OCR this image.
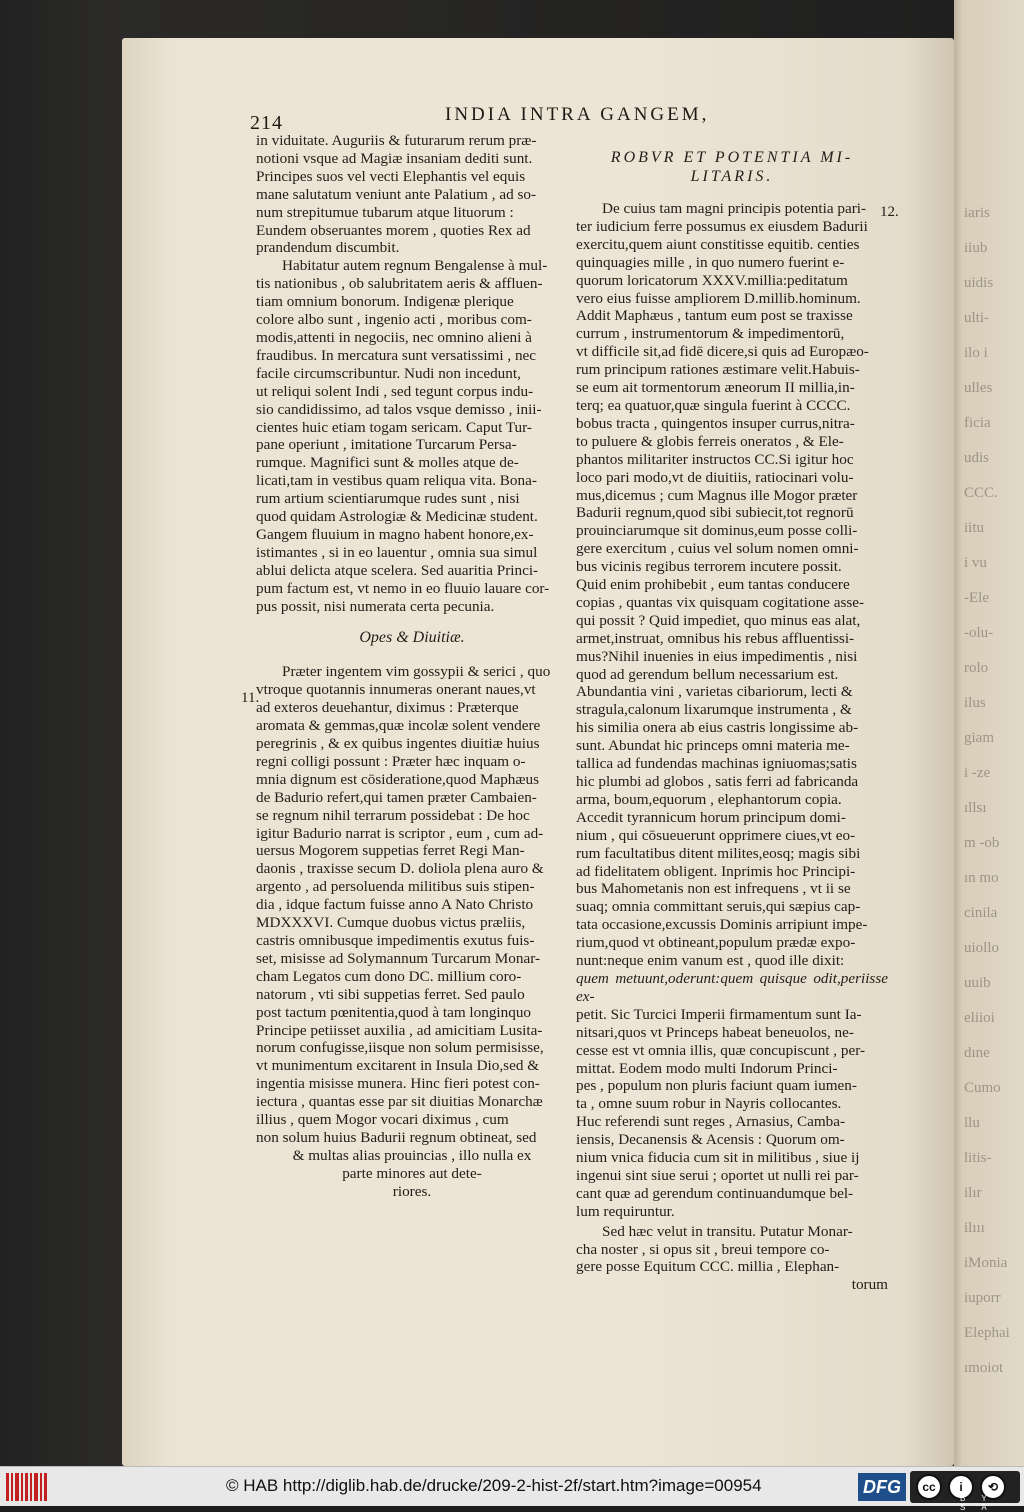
iaris
iiub
uidis
ulti-
ilo i
ulles
ficia
udis
CCC.
iitu
i vu
-Ele
-olu-
rolo
ilus
giam
i -ze
ıllsı
m -ob
ın mo
cinila
uiollo
uuib
eliioi
dıne
Cumo
llu
litis-
ilır
ilııı
iMonia
iuporr
Elephai
ımoiot
214	INDIA INTRA GANGEM,

in viduitate. Auguriis & futurarum rerum præ-
notioni vsque ad Magiæ insaniam dediti sunt.
Principes suos vel vecti Elephantis vel equis
mane salutatum veniunt ante Palatium , ad so-
num strepitumue tubarum atque lituorum :
Eundem obseruantes morem , quoties Rex ad
prandendum discumbit.

Habitatur autem regnum Bengalense à mul-
tis nationibus , ob salubritatem aeris & affluen-
tiam omnium bonorum. Indigenæ plerique
colore albo sunt , ingenio acti , moribus com-
modis,attenti in negociis, nec omnino alieni à
fraudibus. In mercatura sunt versatissimi , nec
facile circumscribuntur. Nudi non incedunt,
ut reliqui solent Indi , sed tegunt corpus indu-
sio candidissimo, ad talos vsque demisso , inii-
cientes huic etiam togam sericam. Caput Tur-
pane operiunt , imitatione Turcarum Persa-
rumque. Magnifici sunt & molles atque de-
licati,tam in vestibus quam reliqua vita. Bona-
rum artium scientiarumque rudes sunt , nisi
quod quidam Astrologiæ & Medicinæ student.
Gangem fluuium in magno habent honore,ex-
istimantes , si in eo lauentur , omnia sua simul
ablui delicta atque scelera. Sed auaritia Princi-
pum factum est, vt nemo in eo fluuio lauare cor-
pus possit, nisi numerata certa pecunia.

Opes & Diuitiæ.

Præter ingentem vim gossypii & serici , quo
vtroque quotannis innumeras onerant naues,vt
ad exteros deuehantur, diximus : Præterque
aromata & gemmas,quæ incolæ solent vendere
peregrinis , & ex quibus ingentes diuitiæ huius
regni colligi possunt : Præter hæc inquam o-
mnia dignum est cōsideratione,quod Maphæus
de Badurio refert,qui tamen præter Cambaien-
se regnum nihil terrarum possidebat : De hoc
igitur Badurio narrat is scriptor , eum , cum ad-
uersus Mogorem suppetias ferret Regi Man-
daonis , traxisse secum D. doliola plena auro &
argento , ad persoluenda militibus suis stipen-
dia , idque factum fuisse anno A Nato Christo
MDXXXVI. Cumque duobus victus præliis,
castris omnibusque impedimentis exutus fuis-
set, misisse ad Solymannum Turcarum Monar-
cham Legatos cum dono DC. millium coro-
natorum , vti sibi suppetias ferret. Sed paulo
post tactum pœnitentia,quod à tam longinquo
Principe petiisset auxilia , ad amicitiam Lusita-
norum confugisse,iisque non solum permisisse,
vt munimentum excitarent in Insula Dio,sed &
ingentia misisse munera. Hinc fieri potest con-
iectura , quantas esse par sit diuitias Monarchæ
illius , quem Mogor vocari diximus , cum
non solum huius Badurii regnum obtineat, sed

& multas alias prouincias , illo nulla ex
parte minores aut dete-
riores.
11.
ROBVR ET POTENTIA MI-
LITARIS.

De cuius tam magni principis potentia pari-
ter iudicium ferre possumus ex eiusdem Badurii
exercitu,quem aiunt constitisse equitib. centies
quinquagies mille , in quo numero fuerint e-
quorum loricatorum XXXV.millia:peditatum
vero eius fuisse ampliorem D.millib.hominum.
Addit Maphæus , tantum eum post se traxisse
currum , instrumentorum & impedimentorū,
vt difficile sit,ad fidē dicere,si quis ad Europæo-
rum principum rationes æstimare velit.Habuis-
se eum ait tormentorum æneorum II millia,in-
terq; ea quatuor,quæ singula fuerint à CCCC.
bobus tracta , quingentos insuper currus,nitra-
to puluere & globis ferreis oneratos , & Ele-
phantos militariter instructos CC.Si igitur hoc
loco pari modo,vt de diuitiis, ratiocinari volu-
mus,dicemus ; cum Magnus ille Mogor præter
Badurii regnum,quod sibi subiecit,tot regnorū
prouinciarumque sit dominus,eum posse colli-
gere exercitum , cuius vel solum nomen omni-
bus vicinis regibus terrorem incutere possit.
Quid enim prohibebit , eum tantas conducere
copias , quantas vix quisquam cogitatione asse-
qui possit ? Quid impediet, quo minus eas alat,
armet,instruat, omnibus his rebus affluentissi-
mus?Nihil inuenies in eius impedimentis , nisi
quod ad gerendum bellum necessarium est.
Abundantia vini , varietas cibariorum, lecti &
stragula,calonum lixarumque instrumenta , &
his similia onera ab eius castris longissime ab-
sunt. Abundat hic princeps omni materia me-
tallica ad fundendas machinas igniuomas;satis
hic plumbi ad globos , satis ferri ad fabricanda
arma, boum,equorum , elephantorum copia.
Accedit tyrannicum horum principum domi-
nium , qui cōsueuerunt opprimere ciues,vt eo-
rum facultatibus ditent milites,eosq; magis sibi
ad fidelitatem obligent. Inprimis hoc Principi-
bus Mahometanis non est infrequens , vt ii se
suaq; omnia committant seruis,qui sæpius cap-
tata occasione,excussis Dominis arripiunt impe-
rium,quod vt obtineant,populum prædæ expo-
nunt:neque enim vanum est , quod ille dixit:
quem metuunt,oderunt:quem quisque odit,periisse ex-
petit. Sic Turcici Imperii firmamentum sunt Ia-
nitsari,quos vt Princeps habeat beneuolos, ne-
cesse est vt omnia illis, quæ concupiscunt , per-
mittat. Eodem modo multi Indorum Princi-
pes , populum non pluris faciunt quam iumen-
ta , omne suum robur in Nayris collocantes.
Huc referendi sunt reges , Arnasius, Camba-
iensis, Decanensis & Acensis : Quorum om-
nium vnica fiducia cum sit in militibus , siue ij
ingenui sint siue serui ; oportet ut nulli rei par-
cant quæ ad gerendum continuandumque bel-
lum requiruntur.

Sed hæc velut in transitu. Putatur Monar-
cha noster , si opus sit , breui tempore co-
gere posse Equitum CCC. millia , Elephan-

torum
12.
© HAB http://diglib.hab.de/drucke/209-2-hist-2f/start.htm?image=00954	DFG	cc	i	⟲
BY SA
